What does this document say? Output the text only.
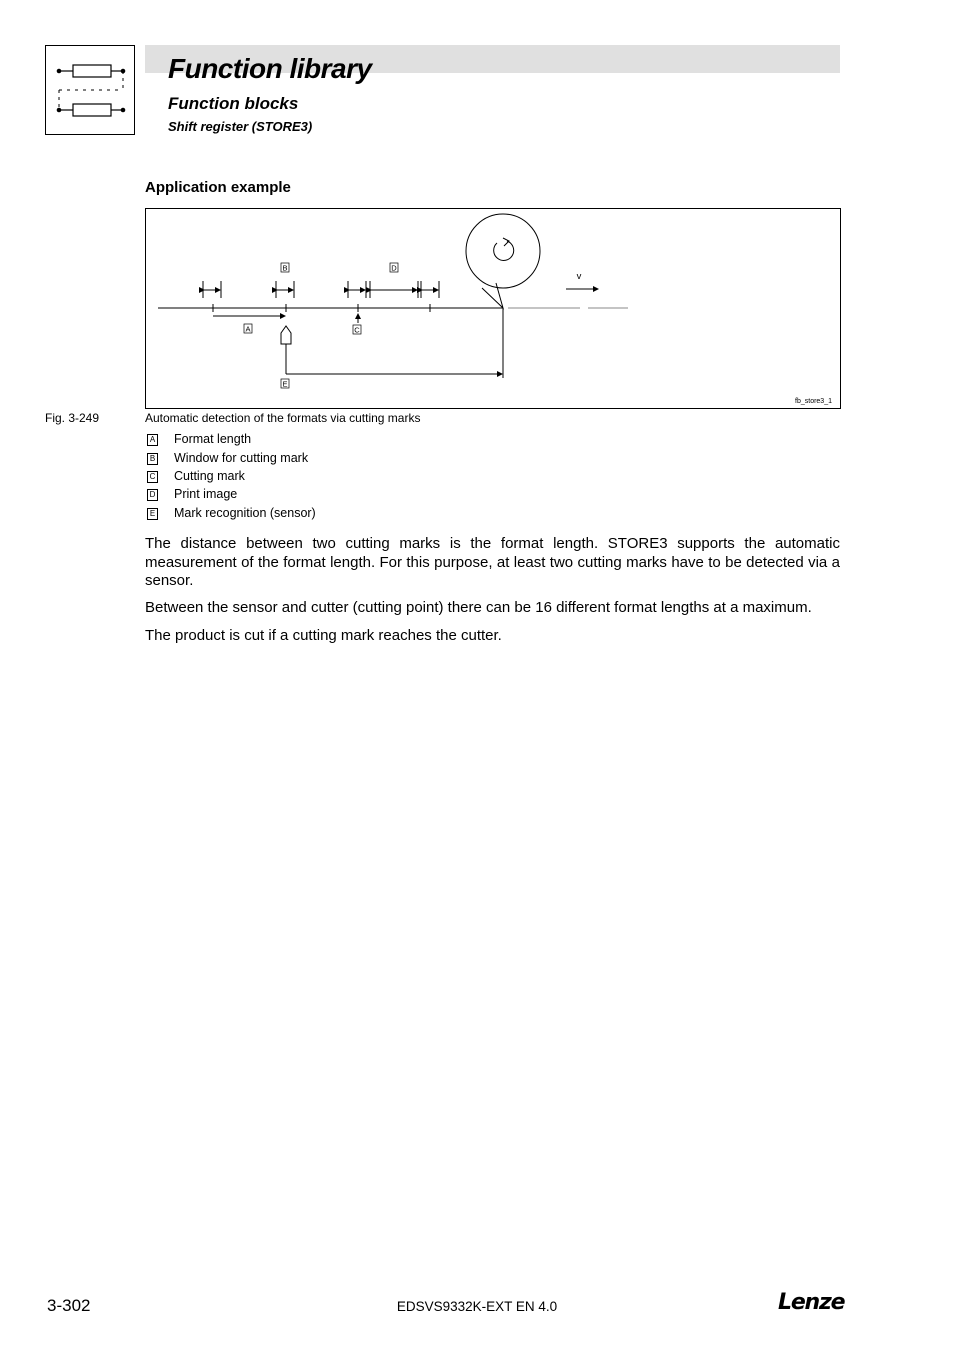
Function library
Function blocks
Shift register (STORE3)
Application example
B	D
A	C
E
v
fb_store3_1
Fig. 3-249	Automatic detection of the formats via cutting marks
A Format length
B Window for cutting mark
C Cutting mark
D Print image
E Mark recognition (sensor)
The distance between two cutting marks is the format length. STORE3 supports the automatic measurement of the format length. For this purpose, at least two cutting marks have to be detected via a sensor.
Between the sensor and cutter (cutting point) there can be 16 different format lengths at a maximum.
The product is cut if a cutting mark reaches the cutter.
3-302	EDSVS9332K-EXT EN 4.0	Lenze
